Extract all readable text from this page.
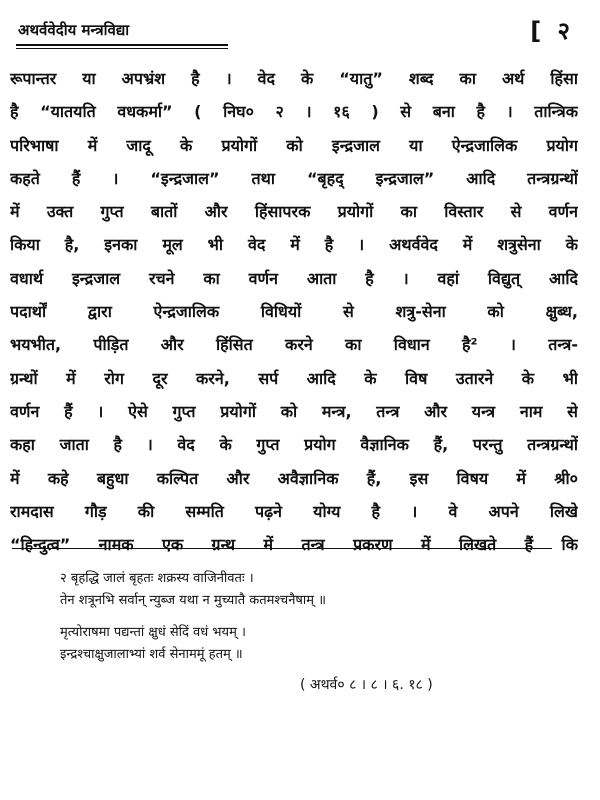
अथर्ववेदीय मन्त्रविद्या	[ २
रूपान्तर या अपभ्रंश है । वेद के “यातु” शब्द का अर्थ हिंसा
है “यातयति वधकर्मा” ( निघ० २ । १६ ) से बना है । तान्त्रिक
परिभाषा में जादू के प्रयोगों को इन्द्रजाल या ऐन्द्रजालिक प्रयोग
कहते हैं । “इन्द्रजाल” तथा “बृहद् इन्द्रजाल” आदि तन्त्रग्रन्थों
में उक्त गुप्त बातों और हिंसापरक प्रयोगों का विस्तार से वर्णन
किया है, इनका मूल भी वेद में है । अथर्ववेद में शत्रुसेना के
वधार्थ इन्द्रजाल रचने का वर्णन आता है । वहां विद्युत् आदि
पदार्थों द्वारा ऐन्द्रजालिक विधियों से शत्रु-सेना को क्षुब्ध,
भयभीत, पीड़ित और हिंसित करने का विधान है² । तन्त्र-
ग्रन्थों में रोग दूर करने, सर्प आदि के विष उतारने के भी
वर्णन हैं । ऐसे गुप्त प्रयोगों को मन्त्र, तन्त्र और यन्त्र नाम से
कहा जाता है । वेद के गुप्त प्रयोग वैज्ञानिक हैं, परन्तु तन्त्रग्रन्थों
में कहे बहुधा कल्पित और अवैज्ञानिक हैं, इस विषय में श्री०
रामदास गौड़ की सम्मति पढ़ने योग्य है । वे अपने लिखे
“हिन्दुत्व” नामक एक ग्रन्थ में तन्त्र प्रकरण में लिखते हैं कि
२ बृहद्धि जालं बृहतः शक्रस्य वाजिनीवतः ।
तेन शत्रूनभि सर्वान् न्युब्ज यथा न मुच्यातै कतमश्चनैषाम् ॥
मृत्योराषमा पद्यन्तां क्षुधं सेदिं वधं भयम् ।
इन्द्रश्चाक्षुजालाभ्यां शर्व सेनाममूं हतम् ॥
( अथर्व० ८ । ८ । ६. १८ )
